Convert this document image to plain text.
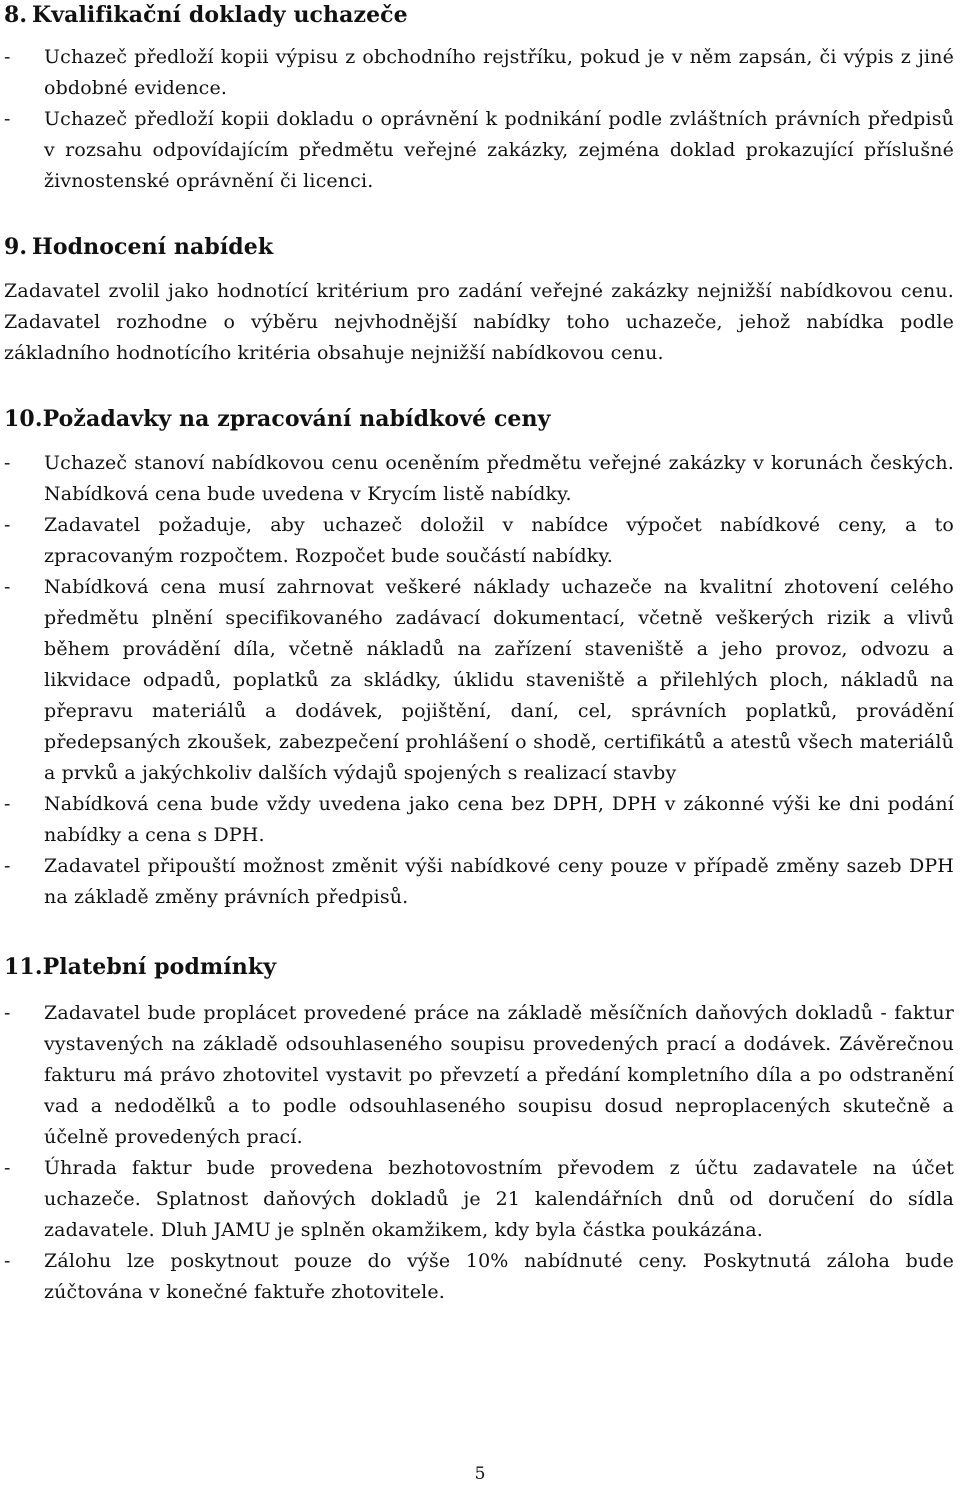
8. Kvalifikační doklady uchazeče
-	Uchazeč předloží kopii výpisu z obchodního rejstříku, pokud je v něm zapsán, či výpis z jiné obdobné evidence.
-	Uchazeč předloží kopii dokladu o oprávnění k podnikání podle zvláštních právních předpisů v rozsahu odpovídajícím předmětu veřejné zakázky, zejména doklad prokazující příslušné živnostenské oprávnění či licenci.
9. Hodnocení nabídek

Zadavatel zvolil jako hodnotící kritérium pro zadání veřejné zakázky nejnižší nabídkovou cenu. Zadavatel rozhodne o výběru nejvhodnější nabídky toho uchazeče, jehož nabídka podle základního hodnotícího kritéria obsahuje nejnižší nabídkovou cenu.

10. Požadavky na zpracování nabídkové ceny
-	Uchazeč stanoví nabídkovou cenu oceněním předmětu veřejné zakázky v korunách českých. Nabídková cena bude uvedena v Krycím listě nabídky.
-	Zadavatel požaduje, aby uchazeč doložil v nabídce výpočet nabídkové ceny, a to zpracovaným rozpočtem. Rozpočet bude součástí nabídky.
-	Nabídková cena musí zahrnovat veškeré náklady uchazeče na kvalitní zhotovení celého předmětu plnění specifikovaného zadávací dokumentací, včetně veškerých rizik a vlivů během provádění díla, včetně nákladů na zařízení staveniště a jeho provoz, odvozu a likvidace odpadů, poplatků za skládky, úklidu staveniště a přilehlých ploch, nákladů na přepravu materiálů a dodávek, pojištění, daní, cel, správních poplatků, provádění předepsaných zkoušek, zabezpečení prohlášení o shodě, certifikátů a atestů všech materiálů a prvků a jakýchkoliv dalších výdajů spojených s realizací stavby
-	Nabídková cena bude vždy uvedena jako cena bez DPH, DPH v zákonné výši ke dni podání nabídky a cena s DPH.
-	Zadavatel připouští možnost změnit výši nabídkové ceny pouze v případě změny sazeb DPH na základě změny právních předpisů.
11. Platební podmínky
-	Zadavatel bude proplácet provedené práce na základě měsíčních daňových dokladů - faktur vystavených na základě odsouhlaseného soupisu provedených prací a dodávek. Závěrečnou fakturu má právo zhotovitel vystavit po převzetí a předání kompletního díla a po odstranění vad a nedodělků a to podle odsouhlaseného soupisu dosud neproplacených skutečně a účelně provedených prací.
-	Úhrada faktur bude provedena bezhotovostním převodem z účtu zadavatele na účet uchazeče. Splatnost daňových dokladů je 21 kalendářních dnů od doručení do sídla zadavatele. Dluh JAMU je splněn okamžikem, kdy byla částka poukázána.
-	Zálohu lze poskytnout pouze do výše 10% nabídnuté ceny. Poskytnutá záloha bude zúčtována v konečné faktuře zhotovitele.
5
